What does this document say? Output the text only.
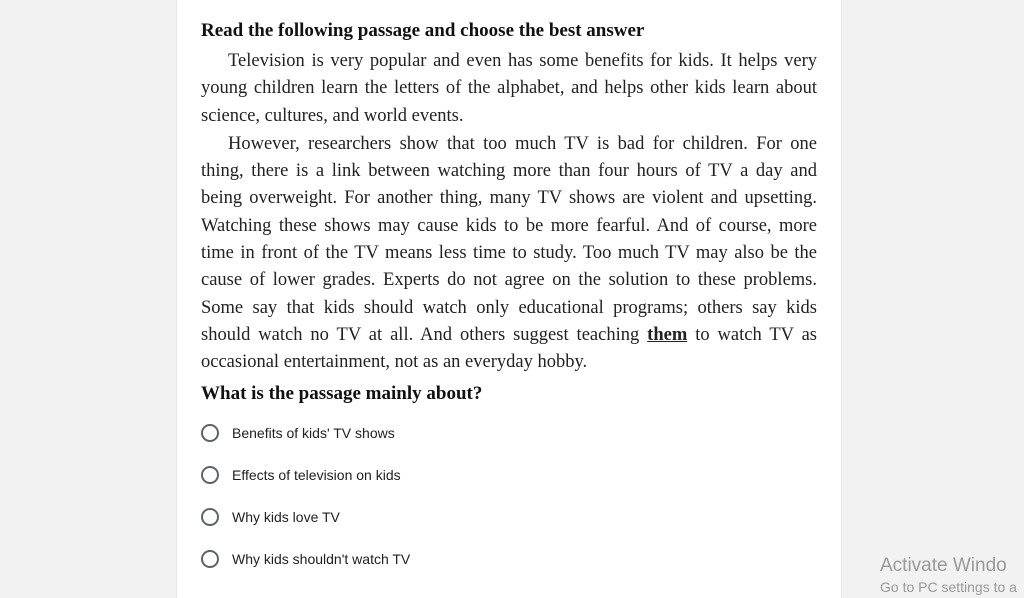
Read the following passage and choose the best answer

Television is very popular and even has some benefits for kids. It helps very young children learn the letters of the alphabet, and helps other kids learn about science, cultures, and world events.

However, researchers show that too much TV is bad for children. For one thing, there is a link between watching more than four hours of TV a day and being overweight. For another thing, many TV shows are violent and upsetting. Watching these shows may cause kids to be more fearful. And of course, more time in front of the TV means less time to study. Too much TV may also be the cause of lower grades. Experts do not agree on the solution to these problems. Some say that kids should watch only educational programs; others say kids should watch no TV at all. And others suggest teaching them to watch TV as occasional entertainment, not as an everyday hobby.

What is the passage mainly about?
Benefits of kids' TV shows
Effects of television on kids
Why kids love TV
Why kids shouldn't watch TV	Activate Windo
Go to PC settings to a
